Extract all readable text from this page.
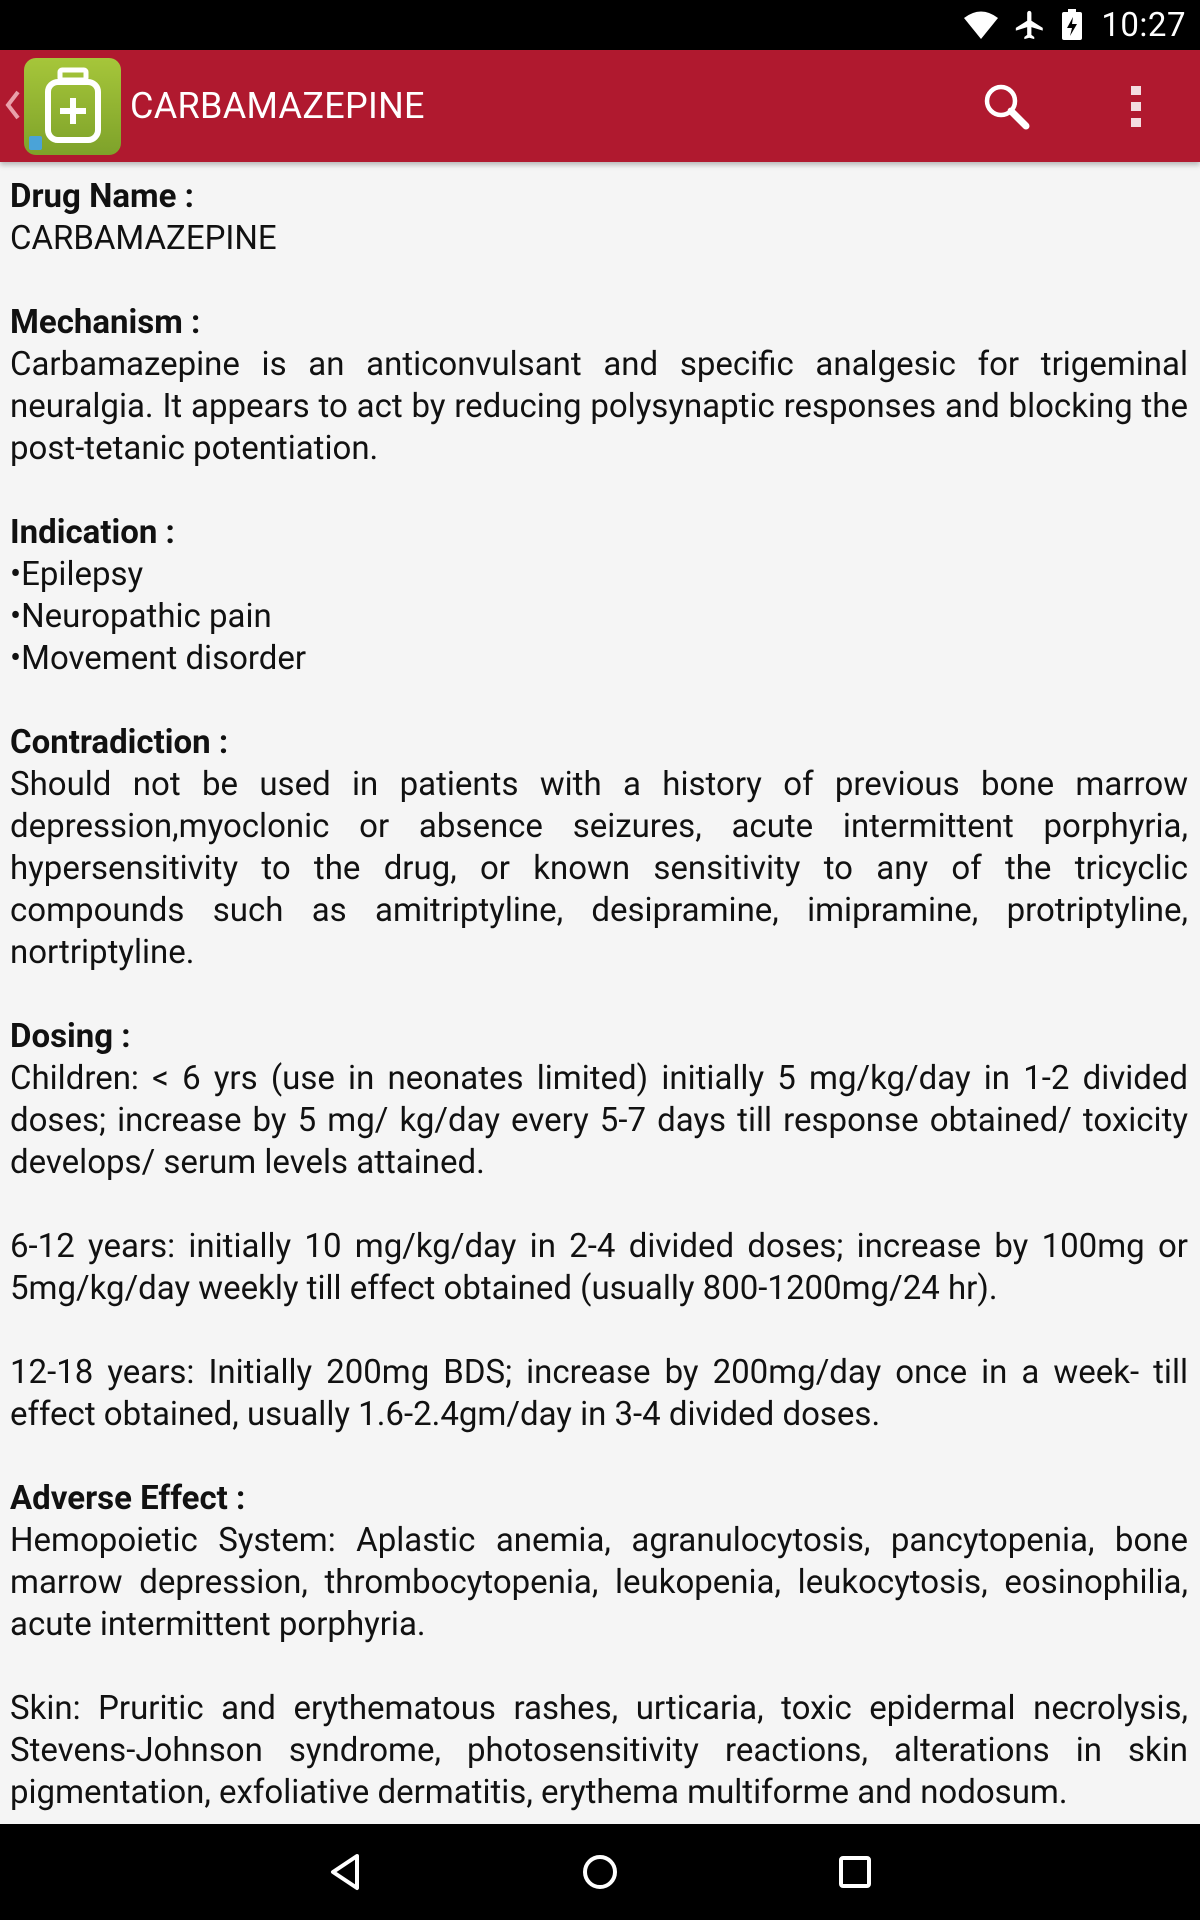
10:27
CARBAMAZEPINE

Drug Name :

CARBAMAZEPINE

Mechanism :

Carbamazepine is an anticonvulsant and specific analgesic for trigeminal neuralgia. It appears to act by reducing polysynaptic responses and blocking the post-tetanic potentiation.

Indication :

• Epilepsy

• Neuropathic pain

• Movement disorder

Contradiction :

Should not be used in patients with a history of previous bone marrow depression,myoclonic or absence seizures, acute intermittent porphyria, hypersensitivity to the drug, or known sensitivity to any of the tricyclic compounds such as amitriptyline, desipramine, imipramine, protriptyline, nortriptyline.

Dosing :

Children: < 6 yrs (use in neonates limited) initially 5 mg/kg/day in 1-2 divided doses; increase by 5 mg/ kg/day every 5-7 days till response obtained/ toxicity develops/ serum levels attained.

6-12 years: initially 10 mg/kg/day in 2-4 divided doses; increase by 100mg or 5mg/kg/day weekly till effect obtained (usually 800-1200mg/24 hr).

12-18 years: Initially 200mg BDS; increase by 200mg/day once in a week- till effect obtained, usually 1.6-2.4gm/day in 3-4 divided doses.

Adverse Effect :

Hemopoietic System: Aplastic anemia, agranulocytosis, pancytopenia, bone marrow depression, thrombocytopenia, leukopenia, leukocytosis, eosinophilia, acute intermittent porphyria.

Skin: Pruritic and erythematous rashes, urticaria, toxic epidermal necrolysis, Stevens-Johnson syndrome, photosensitivity reactions, alterations in skin pigmentation, exfoliative dermatitis, erythema multiforme and nodosum.
